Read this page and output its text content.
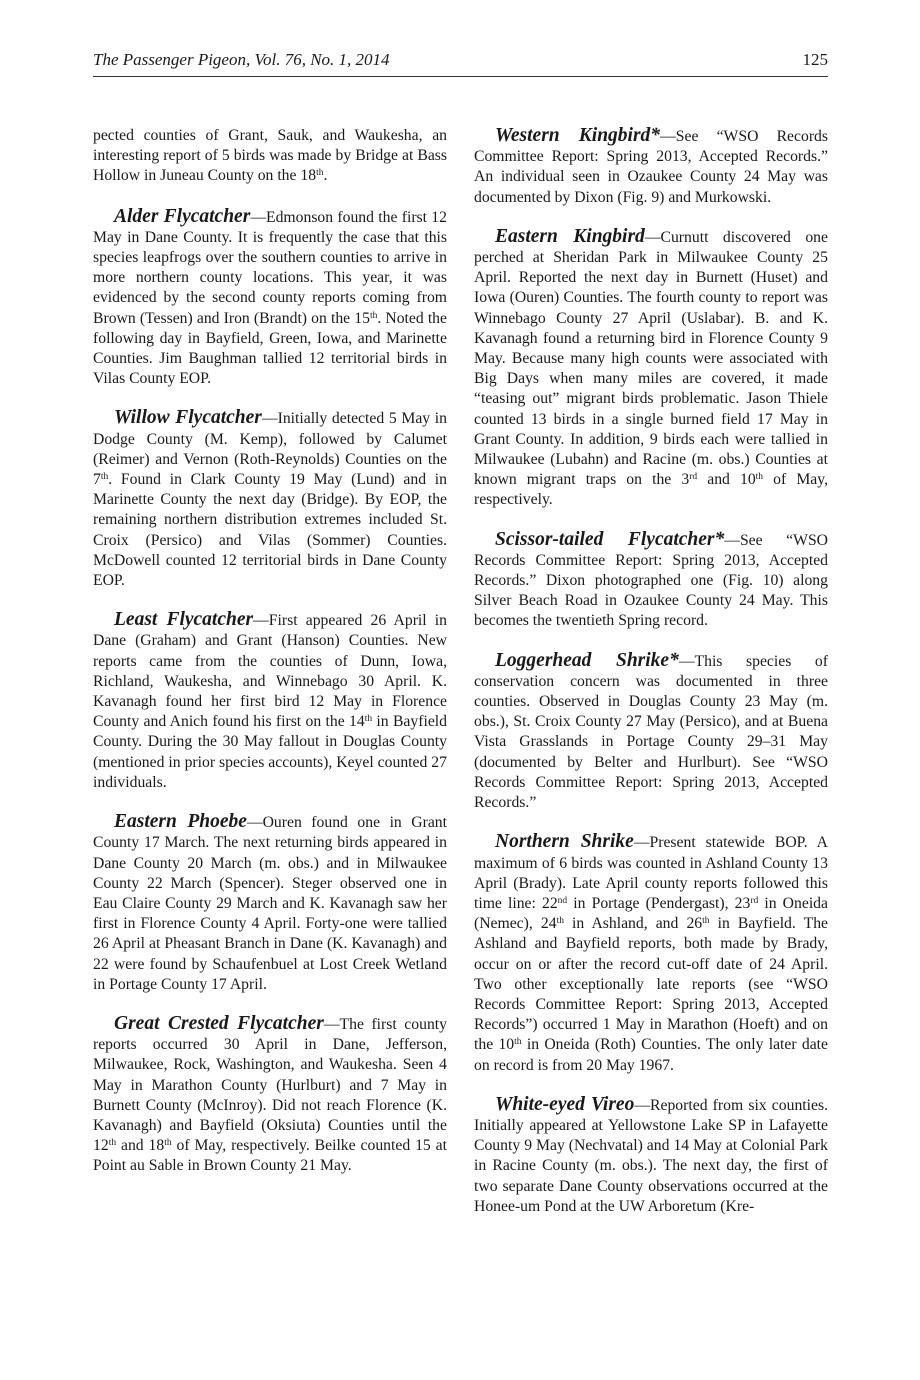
The Passenger Pigeon, Vol. 76, No. 1, 2014	125

pected counties of Grant, Sauk, and Waukesha, an interesting report of 5 birds was made by Bridge at Bass Hollow in Juneau County on the 18th.

Alder Flycatcher—Edmonson found the first 12 May in Dane County. It is frequently the case that this species leapfrogs over the southern counties to arrive in more northern county locations. This year, it was evidenced by the second county reports coming from Brown (Tessen) and Iron (Brandt) on the 15th. Noted the following day in Bayfield, Green, Iowa, and Marinette Counties. Jim Baughman tallied 12 territorial birds in Vilas County EOP.

Willow Flycatcher—Initially detected 5 May in Dodge County (M. Kemp), followed by Calumet (Reimer) and Vernon (Roth-Reynolds) Counties on the 7th. Found in Clark County 19 May (Lund) and in Marinette County the next day (Bridge). By EOP, the remaining northern distribution extremes included St. Croix (Persico) and Vilas (Sommer) Counties. McDowell counted 12 territorial birds in Dane County EOP.

Least Flycatcher—First appeared 26 April in Dane (Graham) and Grant (Hanson) Counties. New reports came from the counties of Dunn, Iowa, Richland, Waukesha, and Winnebago 30 April. K. Kavanagh found her first bird 12 May in Florence County and Anich found his first on the 14th in Bayfield County. During the 30 May fallout in Douglas County (mentioned in prior species accounts), Keyel counted 27 individuals.

Eastern Phoebe—Ouren found one in Grant County 17 March. The next returning birds appeared in Dane County 20 March (m. obs.) and in Milwaukee County 22 March (Spencer). Steger observed one in Eau Claire County 29 March and K. Kavanagh saw her first in Florence County 4 April. Forty-one were tallied 26 April at Pheasant Branch in Dane (K. Kavanagh) and 22 were found by Schaufenbuel at Lost Creek Wetland in Portage County 17 April.

Great Crested Flycatcher—The first county reports occurred 30 April in Dane, Jefferson, Milwaukee, Rock, Washington, and Waukesha. Seen 4 May in Marathon County (Hurlburt) and 7 May in Burnett County (McInroy). Did not reach Florence (K. Kavanagh) and Bayfield (Oksiuta) Counties until the 12th and 18th of May, respectively. Beilke counted 15 at Point au Sable in Brown County 21 May.

Western Kingbird*—See “WSO Records Committee Report: Spring 2013, Accepted Records.” An individual seen in Ozaukee County 24 May was documented by Dixon (Fig. 9) and Murkowski.

Eastern Kingbird—Curnutt discovered one perched at Sheridan Park in Milwaukee County 25 April. Reported the next day in Burnett (Huset) and Iowa (Ouren) Counties. The fourth county to report was Winnebago County 27 April (Uslabar). B. and K. Kavanagh found a returning bird in Florence County 9 May. Because many high counts were associated with Big Days when many miles are covered, it made “teasing out” migrant birds problematic. Jason Thiele counted 13 birds in a single burned field 17 May in Grant County. In addition, 9 birds each were tallied in Milwaukee (Lubahn) and Racine (m. obs.) Counties at known migrant traps on the 3rd and 10th of May, respectively.

Scissor-tailed Flycatcher*—See “WSO Records Committee Report: Spring 2013, Accepted Records.” Dixon photographed one (Fig. 10) along Silver Beach Road in Ozaukee County 24 May. This becomes the twentieth Spring record.

Loggerhead Shrike*—This species of conservation concern was documented in three counties. Observed in Douglas County 23 May (m. obs.), St. Croix County 27 May (Persico), and at Buena Vista Grasslands in Portage County 29–31 May (documented by Belter and Hurlburt). See “WSO Records Committee Report: Spring 2013, Accepted Records.”

Northern Shrike—Present statewide BOP. A maximum of 6 birds was counted in Ashland County 13 April (Brady). Late April county reports followed this time line: 22nd in Portage (Pendergast), 23rd in Oneida (Nemec), 24th in Ashland, and 26th in Bayfield. The Ashland and Bayfield reports, both made by Brady, occur on or after the record cut-off date of 24 April. Two other exceptionally late reports (see “WSO Records Committee Report: Spring 2013, Accepted Records”) occurred 1 May in Marathon (Hoeft) and on the 10th in Oneida (Roth) Counties. The only later date on record is from 20 May 1967.

White-eyed Vireo—Reported from six counties. Initially appeared at Yellowstone Lake SP in Lafayette County 9 May (Nechvatal) and 14 May at Colonial Park in Racine County (m. obs.). The next day, the first of two separate Dane County observations occurred at the Honee-um Pond at the UW Arboretum (Kre-
